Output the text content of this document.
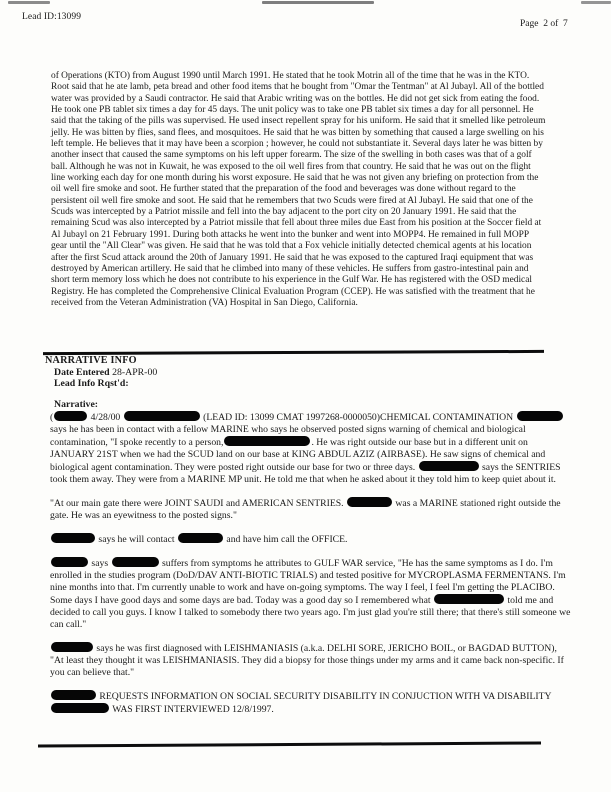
Lead ID:13099
Page  2 of  7
of Operations (KTO) from August 1990 until March 1991. He stated that he took Motrin all of the time that he was in the KTO. Root said that he ate lamb, peta bread and other food items that he bought from "Omar the Tentman" at Al Jubayl. All of the bottled water was provided by a Saudi contractor. He said that Arabic writing was on the bottles. He did not get sick from eating the food. He took one PB tablet six times a day for 45 days. The unit policy was to take one PB tablet six times a day for all personnel. He said that the taking of the pills was supervised. He used insect repellent spray for his uniform. He said that it smelled like petroleum jelly. He was bitten by flies, sand flees, and mosquitoes. He said that he was bitten by something that caused a large swelling on his left temple. He believes that it may have been a scorpion ; however, he could not substantiate it. Several days later he was bitten by another insect that caused the same symptoms on his left upper forearm. The size of the swelling in both cases was that of a golf ball. Although he was not in Kuwait, he was exposed to the oil well fires from that country. He said that he was out on the flight line working each day for one month during his worst exposure. He said that he was not given any briefing on protection from the oil well fire smoke and soot. He further stated that the preparation of the food and beverages was done without regard to the persistent oil well fire smoke and soot. He said that he remembers that two Scuds were fired at Al Jubayl. He said that one of the Scuds was intercepted by a Patriot missile and fell into the bay adjacent to the port city on 20 January 1991. He said that the remaining Scud was also intercepted by a Patriot missile that fell about three miles due East from his position at the Soccer field at Al Jubayl on 21 February 1991. During both attacks he went into the bunker and went into MOPP4. He remained in full MOPP gear until the "All Clear" was given. He said that he was told that a Fox vehicle initially detected chemical agents at his location after the first Scud attack around the 20th of January 1991. He said that he was exposed to the captured Iraqi equipment that was destroyed by American artillery. He said that he climbed into many of these vehicles. He suffers from gastro-intestinal pain and short term memory loss which he does not contribute to his experience in the Gulf War. He has registered with the OSD medical Registry. He has completed the Comprehensive Clinical Evaluation Program (CCEP). He was satisfied with the treatment that he received from the Veteran Administration (VA) Hospital in San Diego, California.
NARRATIVE INFO
Date Entered 28-APR-00
Lead Info Rqst'd:
Narrative:

(	4/28/00	(LEAD ID: 13099 CMAT 1997268-0000050)CHEMICAL CONTAMINATION  says he has been in contact with a fellow MARINE who says he observed posted signs warning of chemical and biological contamination, "I spoke recently to a person,	. He was right outside our base but in a different unit on JANUARY 21ST when we had the SCUD land on our base at KING ABDUL AZIZ (AIRBASE). He saw signs of chemical and biological agent contamination. They were posted right outside our base for two or three days.	says the SENTRIES took them away. They were from a MARINE MP unit. He told me that when he asked about it they told him to keep quiet about it.

"At our main gate there were JOINT SAUDI and AMERICAN SENTRIES.	was a MARINE stationed right outside the gate. He was an eyewitness to the posted signs."

says he will contact	and have him call the OFFICE.

says	suffers from symptoms he attributes to GULF WAR service, "He has the same symptoms as I do. I'm enrolled in the studies program (DoD/DAV ANTI-BIOTIC TRIALS) and tested positive for MYCROPLASMA FERMENTANS. I'm nine months into that. I'm currently unable to work and have on-going symptoms. The way I feel, I feel I'm getting the PLACIBO. Some days I have good days and some days are bad. Today was a good day so I remembered what	told me and decided to call you guys. I know I talked to somebody there two years ago. I'm just glad you're still there; that there's still someone we can call."

says he was first diagnosed with LEISHMANIASIS (a.k.a. DELHI SORE, JERICHO BOIL, or BAGDAD BUTTON), "At least they thought it was LEISHMANIASIS. They did a biopsy for those things under my arms and it came back non-specific. If you can believe that."

REQUESTS INFORMATION ON SOCIAL SECURITY DISABILITY IN CONJUCTION WITH VA DISABILITY  WAS FIRST INTERVIEWED 12/8/1997.
